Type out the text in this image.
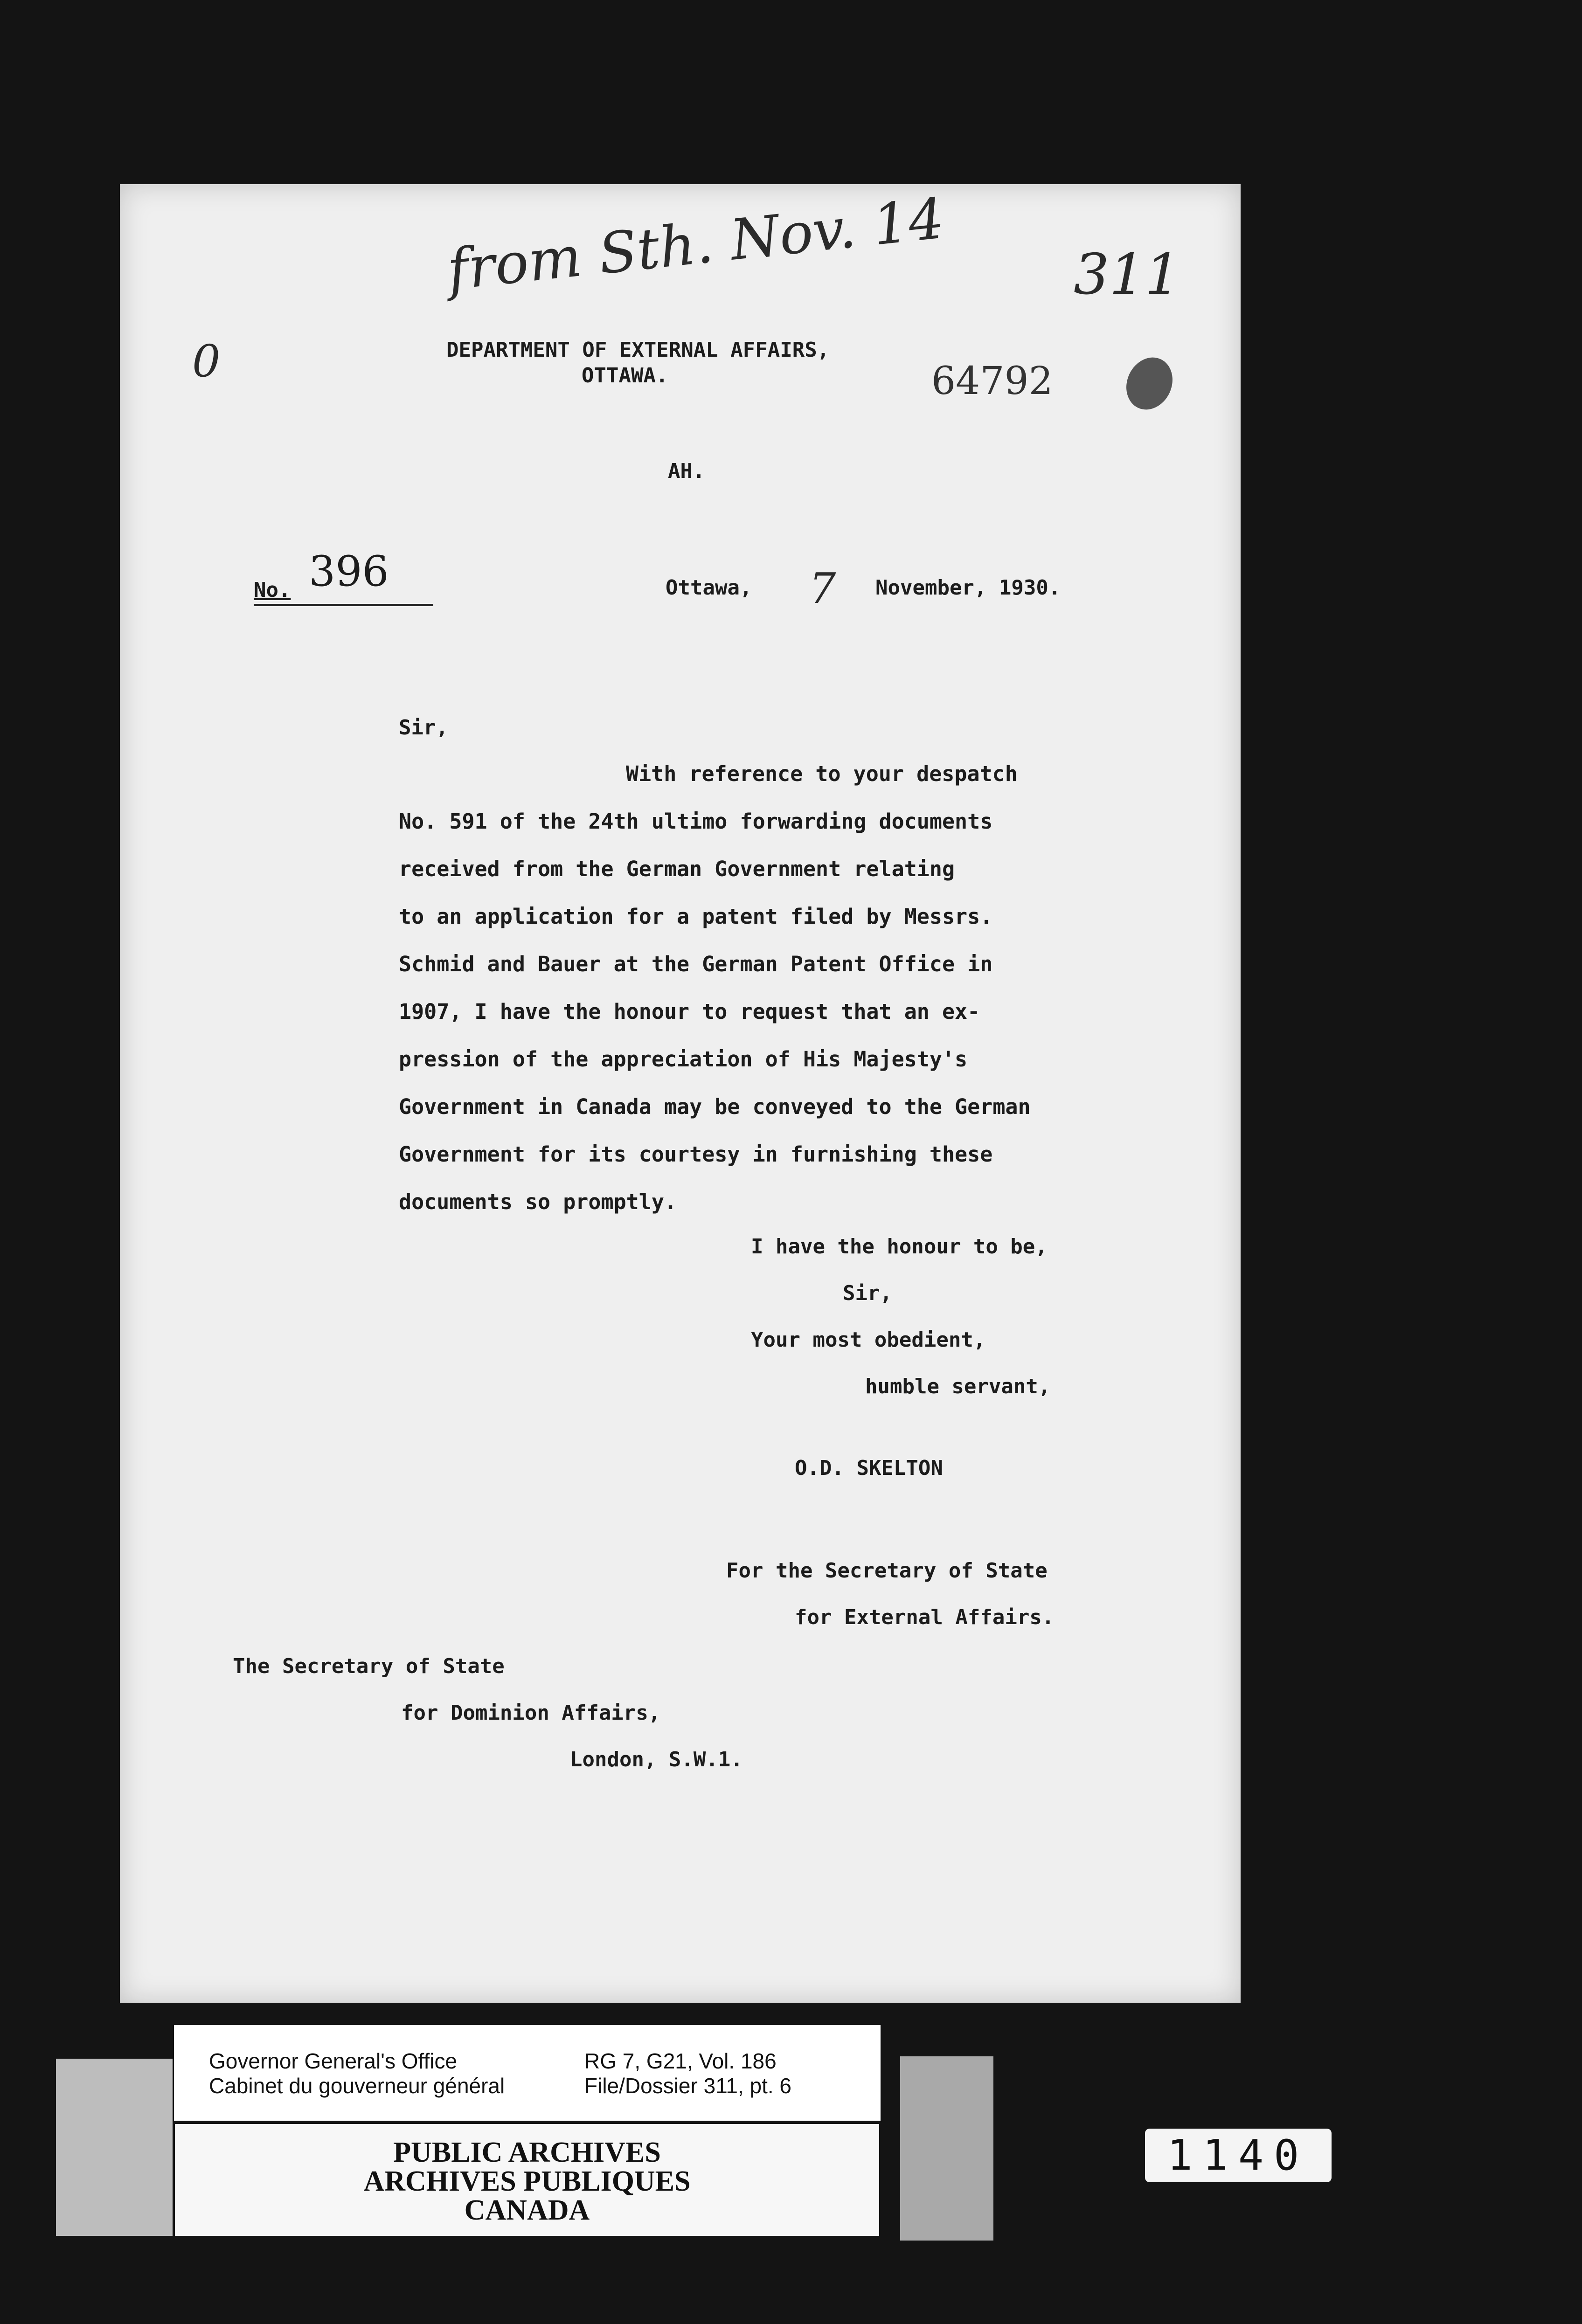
from Sth. Nov. 14 311
0	DEPARTMENT OF EXTERNAL AFFAIRS,
OTTAWA.	64792
AH.
No. 396	Ottawa, 7 November, 1930.
Sir,
With reference to your despatch
No. 591 of the 24th ultimo forwarding documents
received from the German Government relating
to an application for a patent filed by Messrs.
Schmid and Bauer at the German Patent Office in
1907, I have the honour to request that an ex-
pression of the appreciation of His Majesty's
Government in Canada may be conveyed to the German
Government for its courtesy in furnishing these
documents so promptly.
I have the honour to be,
Sir,
Your most obedient,
humble servant,
O.D. SKELTON
For the Secretary of State
for External Affairs.
The Secretary of State
for Dominion Affairs,
London, S.W.1.
Governor General's Office
Cabinet du gouverneur général
RG 7, G21, Vol. 186
File/Dossier 311, pt. 6
PUBLIC ARCHIVES
ARCHIVES PUBLIQUES
CANADA
1140
